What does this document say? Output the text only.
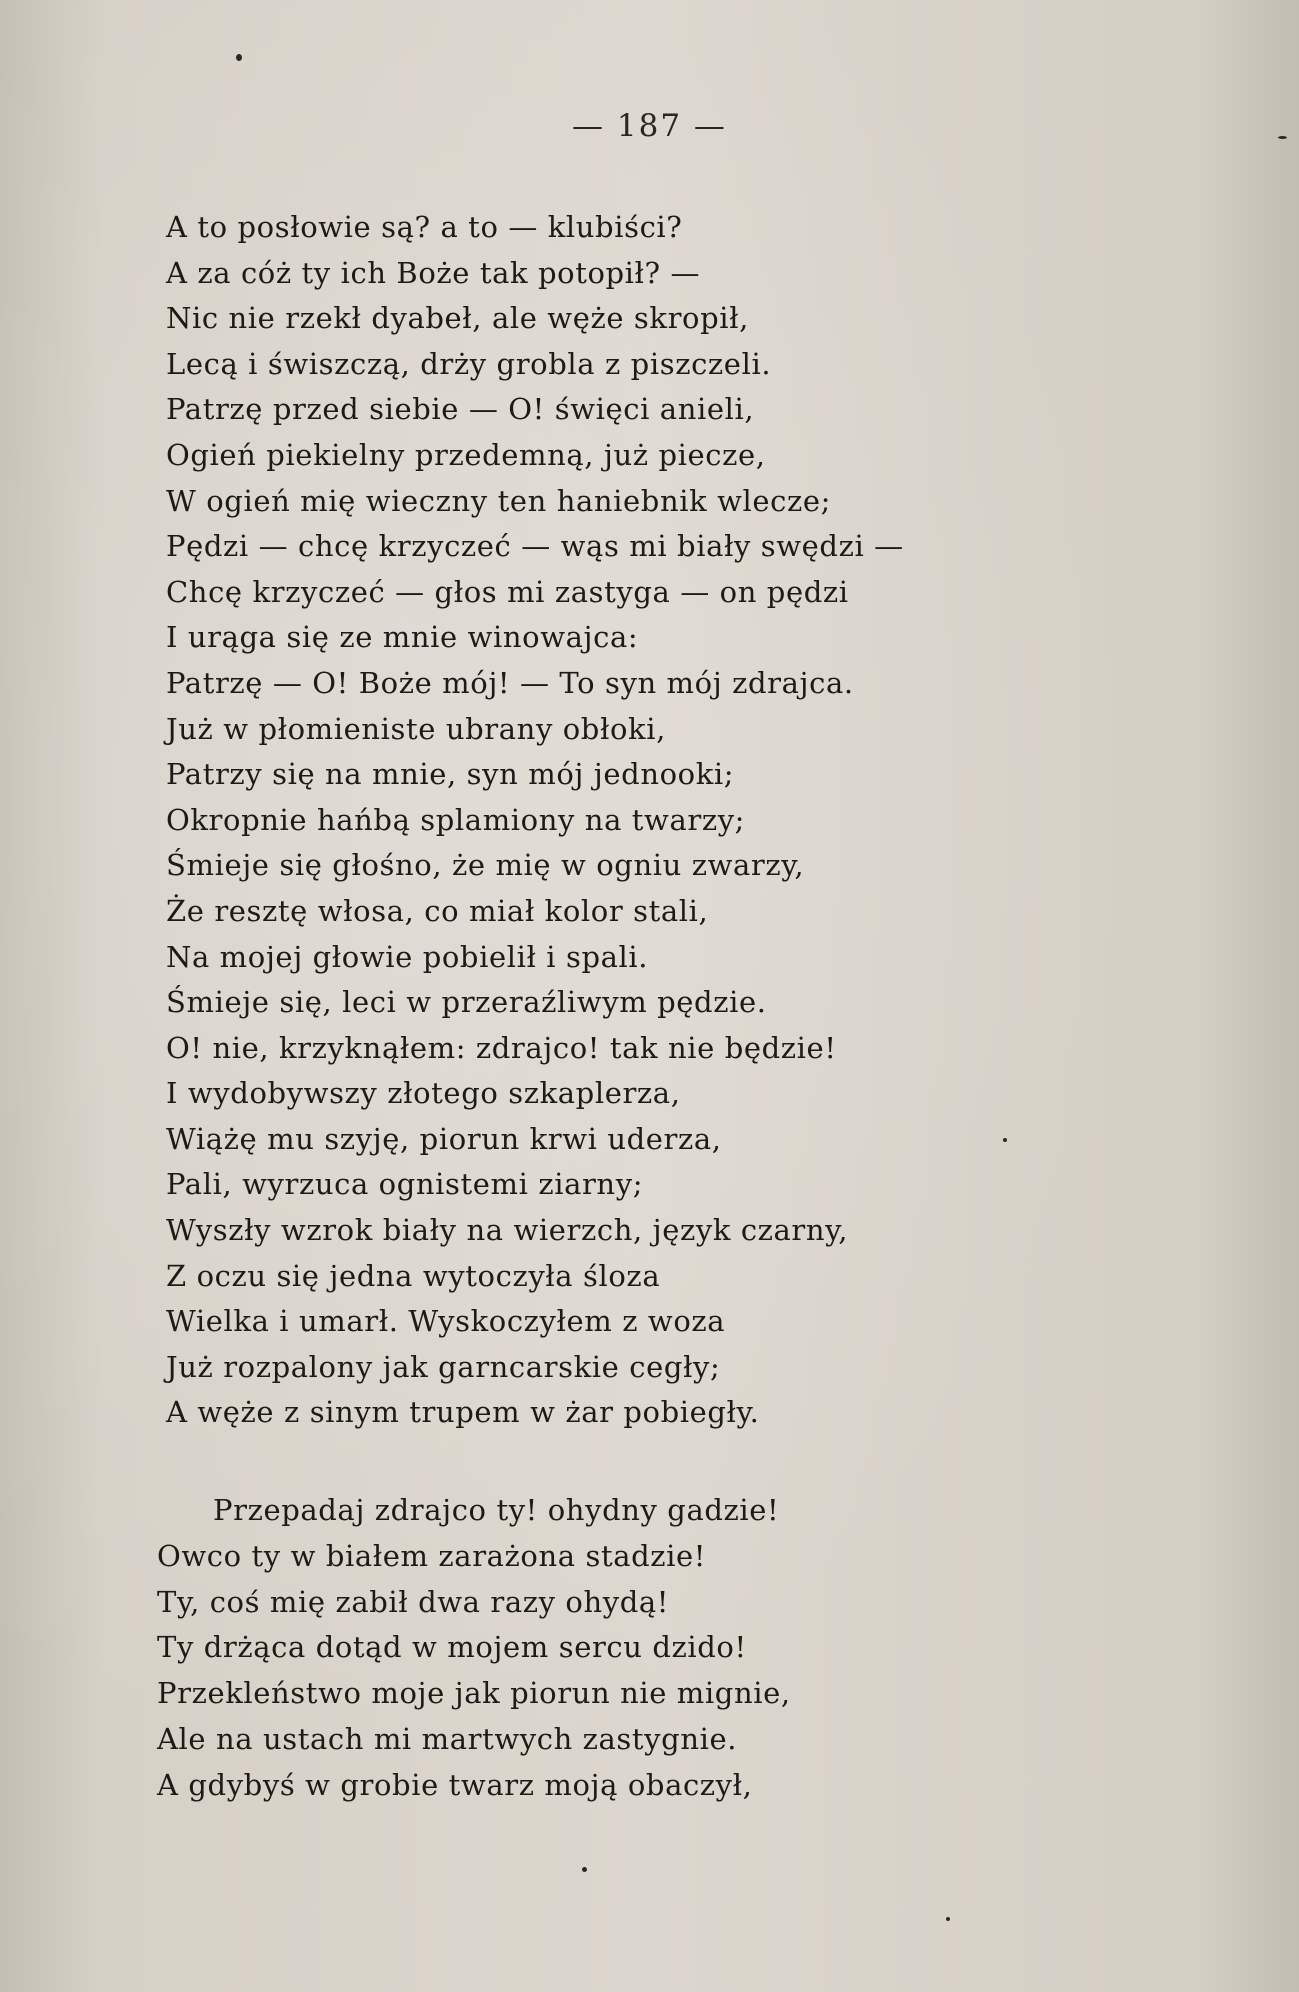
— 187 —
A to posłowie są? a to — klubiści?
A za cóż ty ich Boże tak potopił? —
Nic nie rzekł dyabeł, ale węże skropił,
Lecą i świszczą, drży grobla z piszczeli.
Patrzę przed siebie — O! święci anieli,
Ogień piekielny przedemną, już piecze,
W ogień mię wieczny ten haniebnik wlecze;
Pędzi — chcę krzyczeć — wąs mi biały swędzi —
Chcę krzyczeć — głos mi zastyga — on pędzi
I urąga się ze mnie winowajca:
Patrzę — O! Boże mój! — To syn mój zdrajca.
Już w płomieniste ubrany obłoki,
Patrzy się na mnie, syn mój jednooki;
Okropnie hańbą splamiony na twarzy;
Śmieje się głośno, że mię w ogniu zwarzy,
Że resztę włosa, co miał kolor stali,
Na mojej głowie pobielił i spali.
Śmieje się, leci w przeraźliwym pędzie.
O! nie, krzyknąłem: zdrajco! tak nie będzie!
I wydobywszy złotego szkaplerza,
Wiążę mu szyję, piorun krwi uderza,
Pali, wyrzuca ognistemi ziarny;
Wyszły wzrok biały na wierzch, język czarny,
Z oczu się jedna wytoczyła śloza
Wielka i umarł. Wyskoczyłem z woza
Już rozpalony jak garncarskie cegły;
A węże z sinym trupem w żar pobiegły.
Przepadaj zdrajco ty! ohydny gadzie!
Owco ty w białem zarażona stadzie!
Ty, coś mię zabił dwa razy ohydą!
Ty drżąca dotąd w mojem sercu dzido!
Przekleństwo moje jak piorun nie mignie,
Ale na ustach mi martwych zastygnie.
A gdybyś w grobie twarz moją obaczył,
